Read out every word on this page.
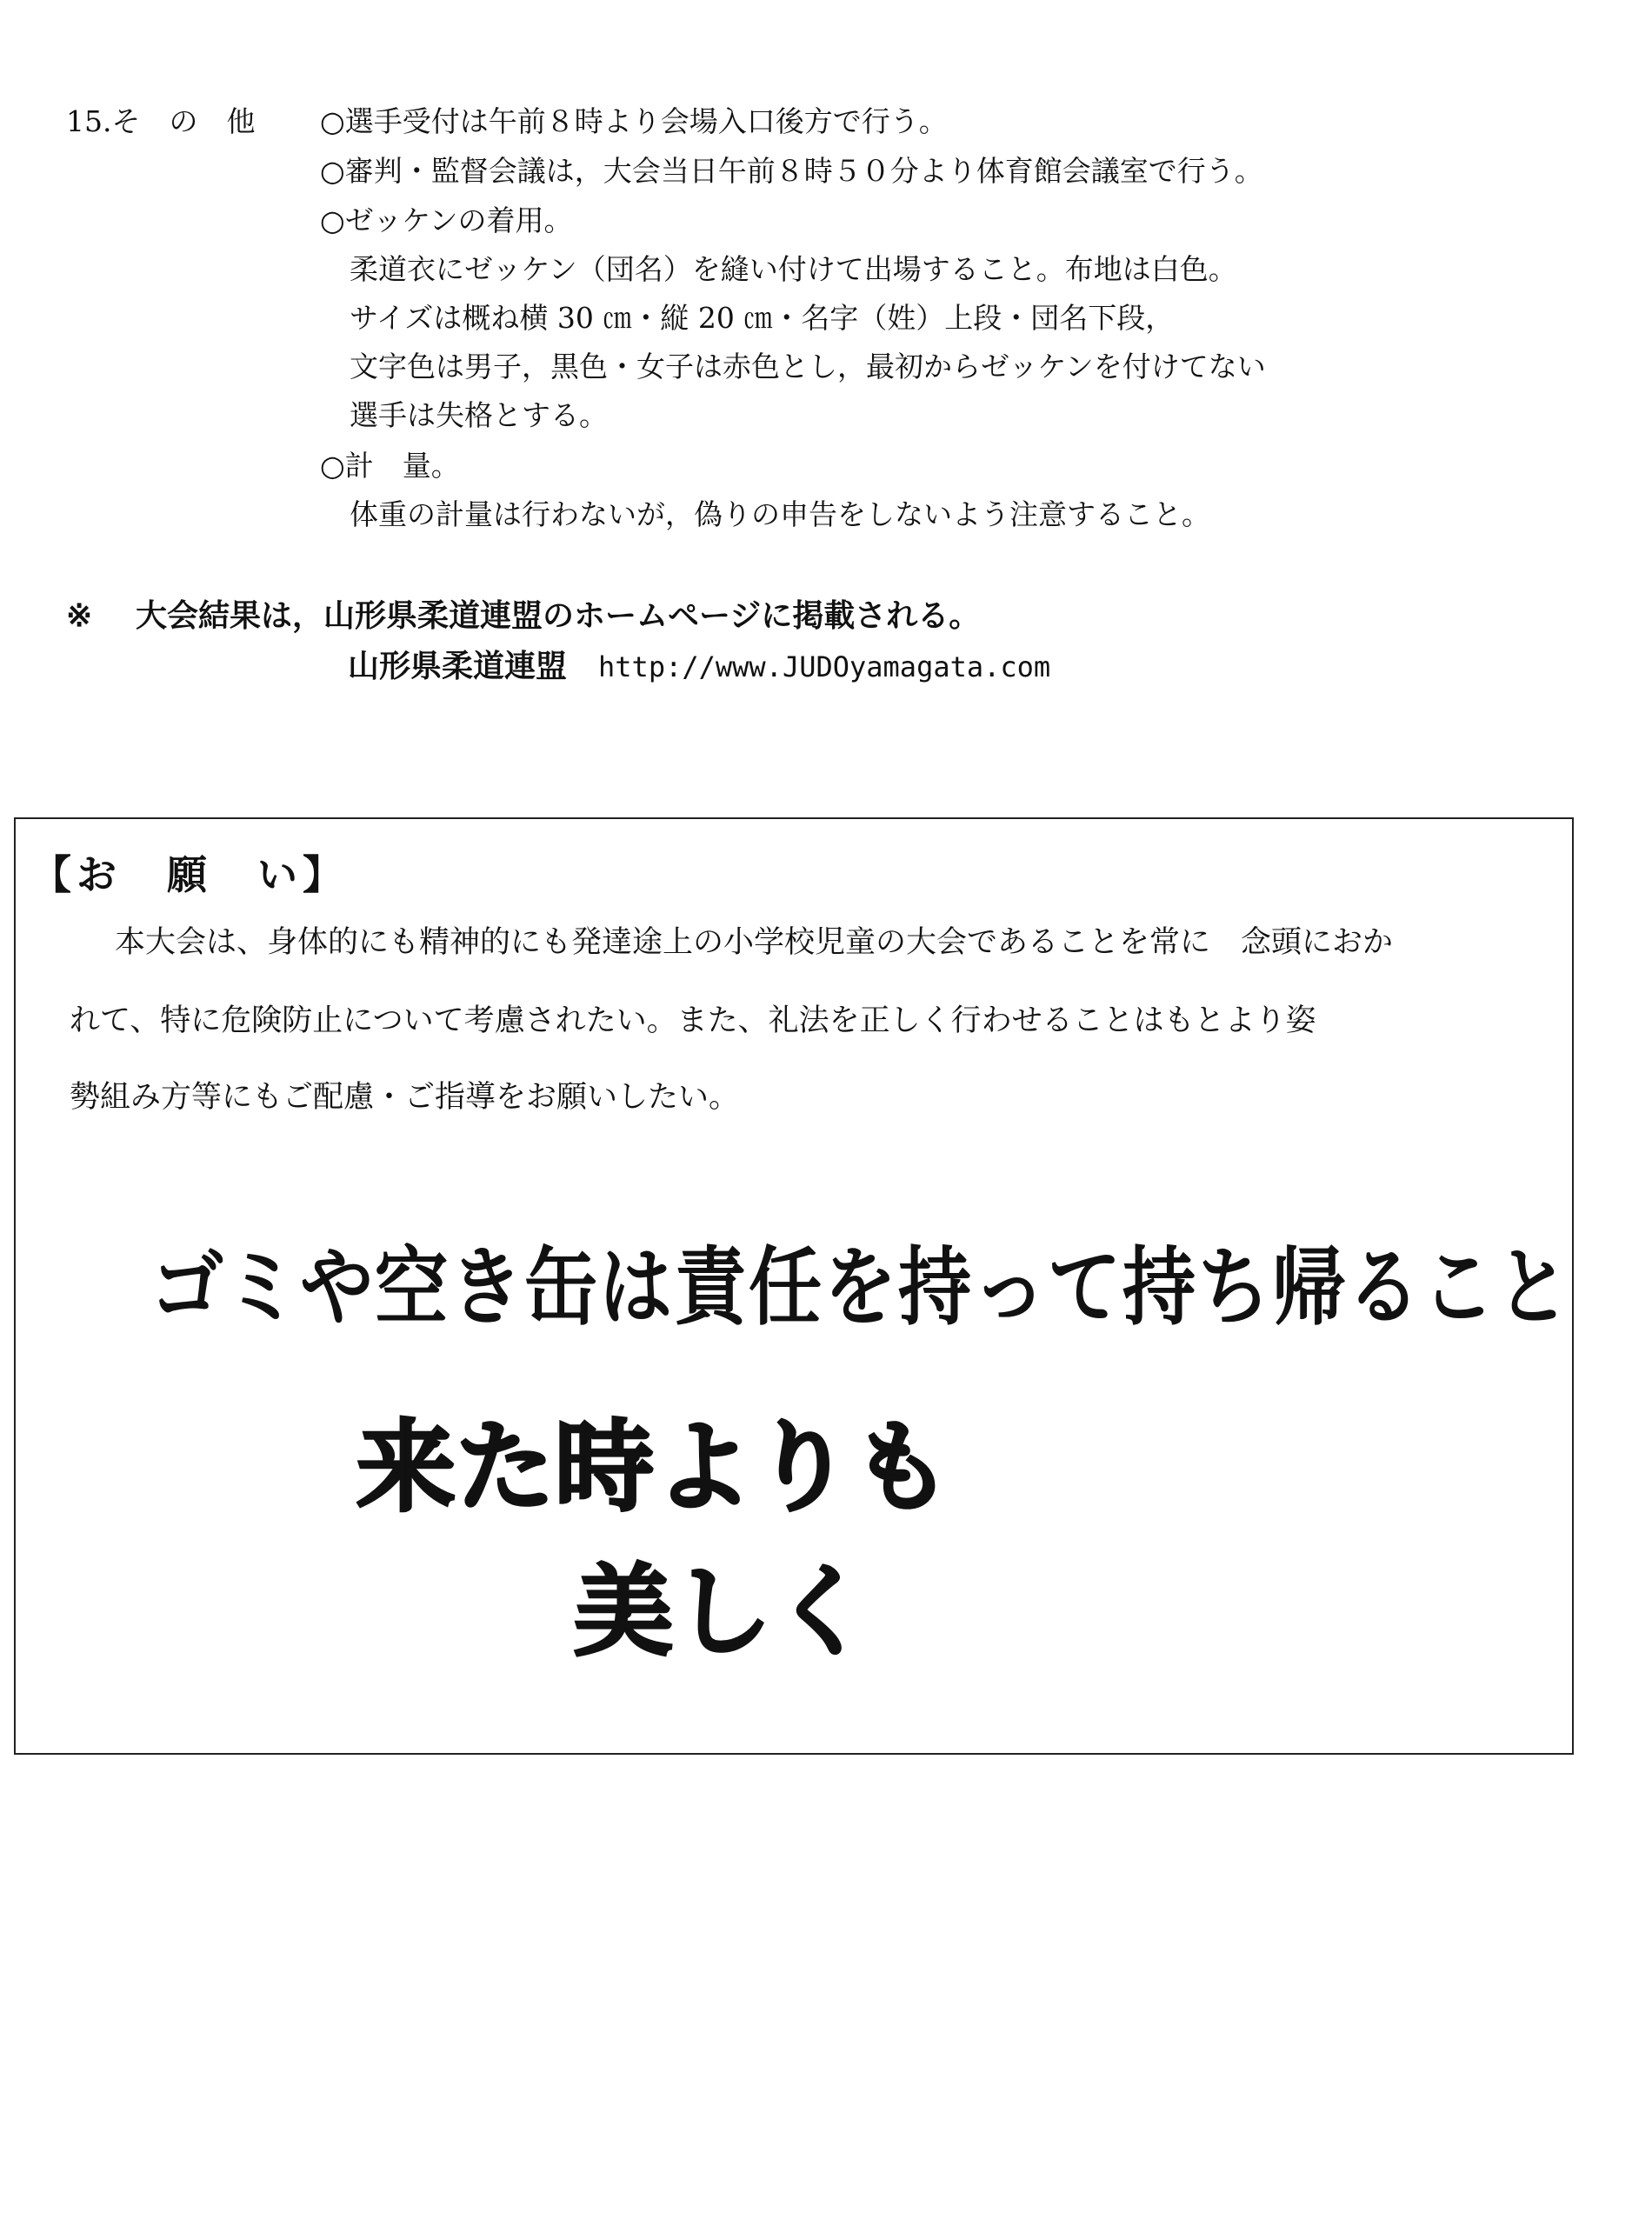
15.そ　の　他 ○選手受付は午前８時より会場入口後方で行う。
○審判・監督会議は，大会当日午前８時５０分より体育館会議室で行う。
○ゼッケンの着用。
柔道衣にゼッケン（団名）を縫い付けて出場すること。布地は白色。
サイズは概ね横 30 ㎝・縦 20 ㎝・名字（姓）上段・団名下段，
文字色は男子，黒色・女子は赤色とし，最初からゼッケンを付けてない
選手は失格とする。
○計　量。
体重の計量は行わないが，偽りの申告をしないよう注意すること。
※ 大会結果は，山形県柔道連盟のホームページに掲載される。
山形県柔道連盟 http://www.JUDOyamagata.com
【お　願　い】
本大会は、身体的にも精神的にも発達途上の小学校児童の大会であることを常に　念頭におか
れて、特に危険防止について考慮されたい。また、礼法を正しく行わせることはもとより姿
勢組み方等にもご配慮・ご指導をお願いしたい。
ゴミや空き缶は責任を持って持ち帰ること
来た時よりも
美しく
